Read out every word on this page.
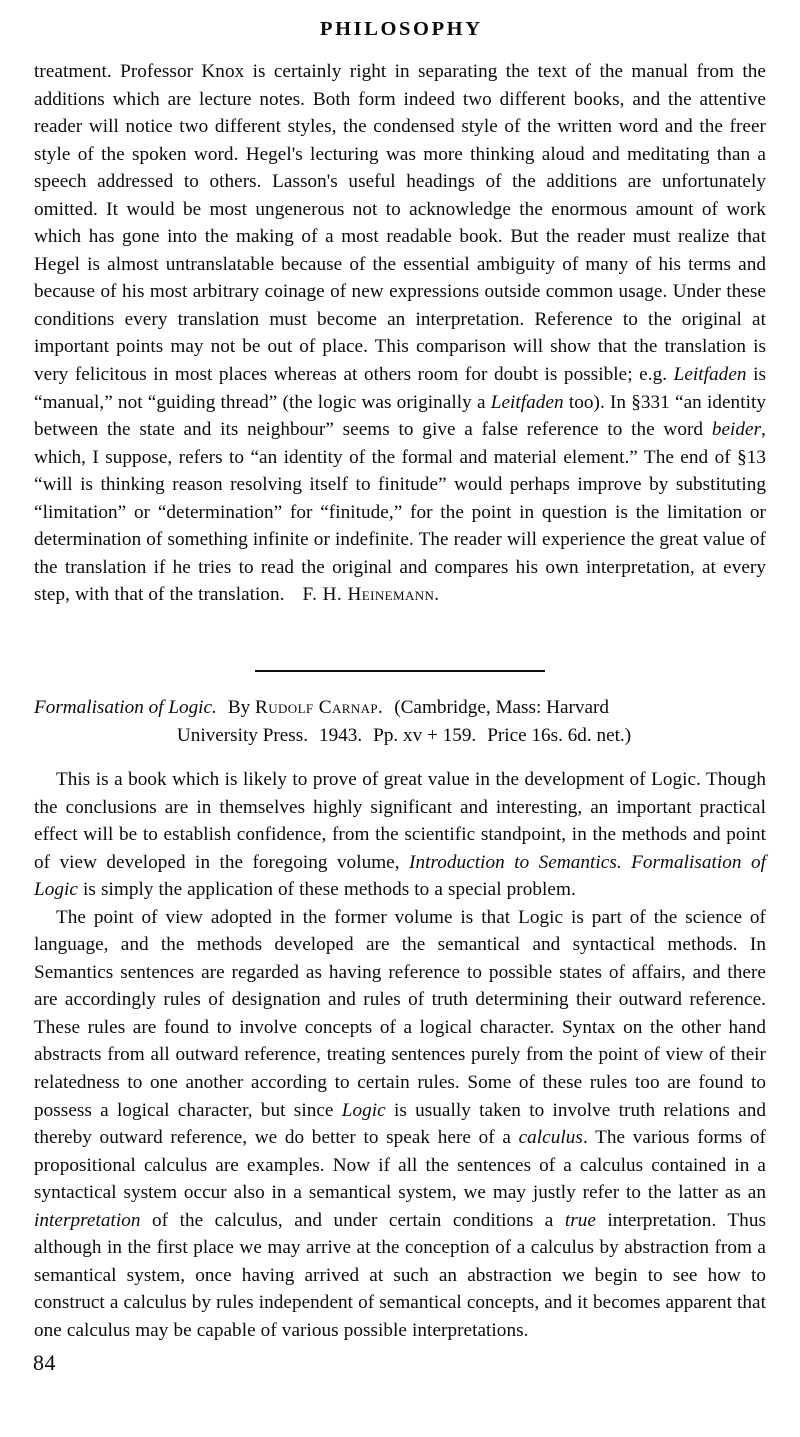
PHILOSOPHY

treatment. Professor Knox is certainly right in separating the text of the manual from the additions which are lecture notes. Both form indeed two different books, and the attentive reader will notice two different styles, the condensed style of the written word and the freer style of the spoken word. Hegel's lecturing was more thinking aloud and meditating than a speech addressed to others. Lasson's useful headings of the additions are unfortunately omitted. It would be most ungenerous not to acknowledge the enormous amount of work which has gone into the making of a most readable book. But the reader must realize that Hegel is almost untranslatable because of the essential ambiguity of many of his terms and because of his most arbitrary coinage of new expressions outside common usage. Under these conditions every translation must become an interpretation. Reference to the original at important points may not be out of place. This comparison will show that the translation is very felicitous in most places whereas at others room for doubt is possible; e.g. Leitfaden is “manual,” not “guiding thread” (the logic was originally a Leitfaden too). In §331 “an identity between the state and its neighbour” seems to give a false reference to the word beider, which, I suppose, refers to “an identity of the formal and material element.” The end of §13 “will is thinking reason resolving itself to finitude” would perhaps improve by substituting “limitation” or “determination” for “finitude,” for the point in question is the limitation or determination of something infinite or indefinite. The reader will experience the great value of the translation if he tries to read the original and compares his own interpretation, at every step, with that of the translation. F. H. Heinemann.

Formalisation of Logic. By Rudolf Carnap. (Cambridge, Mass: Harvard
University Press. 1943. Pp. xv + 159. Price 16s. 6d. net.)

This is a book which is likely to prove of great value in the development of Logic. Though the conclusions are in themselves highly significant and interesting, an important practical effect will be to establish confidence, from the scientific standpoint, in the methods and point of view developed in the foregoing volume, Introduction to Semantics. Formalisation of Logic is simply the application of these methods to a special problem.

The point of view adopted in the former volume is that Logic is part of the science of language, and the methods developed are the semantical and syntactical methods. In Semantics sentences are regarded as having reference to possible states of affairs, and there are accordingly rules of designation and rules of truth determining their outward reference. These rules are found to involve concepts of a logical character. Syntax on the other hand abstracts from all outward reference, treating sentences purely from the point of view of their relatedness to one another according to certain rules. Some of these rules too are found to possess a logical character, but since Logic is usually taken to involve truth relations and thereby outward reference, we do better to speak here of a calculus. The various forms of propositional calculus are examples. Now if all the sentences of a calculus contained in a syntactical system occur also in a semantical system, we may justly refer to the latter as an interpretation of the calculus, and under certain conditions a true interpretation. Thus although in the first place we may arrive at the conception of a calculus by abstraction from a semantical system, once having arrived at such an abstraction we begin to see how to construct a calculus by rules independent of semantical concepts, and it becomes apparent that one calculus may be capable of various possible interpretations.

84
